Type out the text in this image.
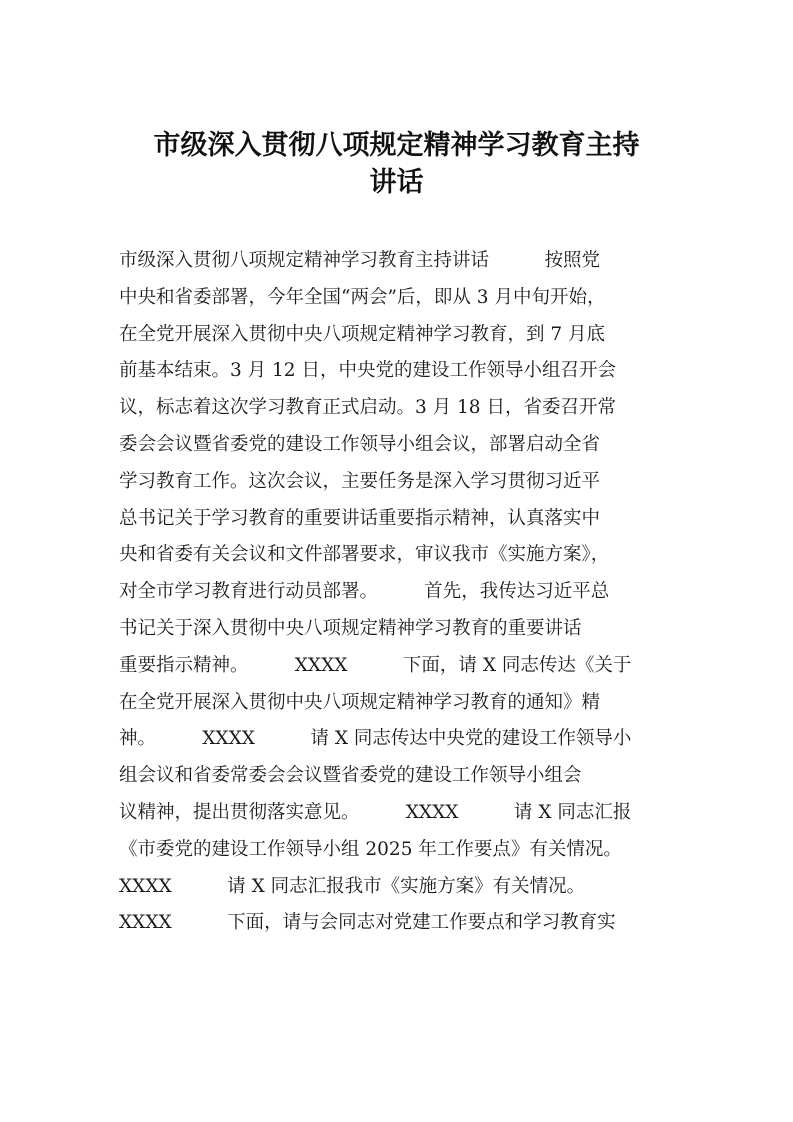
市级深入贯彻八项规定精神学习教育主持
讲话
市级深入贯彻八项规定精神学习教育主持讲话　　　按照党
中央和省委部署，今年全国“两会”后，即从 3 月中旬开始，
在全党开展深入贯彻中央八项规定精神学习教育，到 7 月底
前基本结束。3 月 12 日，中央党的建设工作领导小组召开会
议，标志着这次学习教育正式启动。3 月 18 日，省委召开常
委会会议暨省委党的建设工作领导小组会议，部署启动全省
学习教育工作。这次会议，主要任务是深入学习贯彻习近平
总书记关于学习教育的重要讲话重要指示精神，认真落实中
央和省委有关会议和文件部署要求，审议我市《实施方案》，
对全市学习教育进行动员部署。　　　首先，我传达习近平总
书记关于深入贯彻中央八项规定精神学习教育的重要讲话
重要指示精神。　　　XXXX　　　下面，请 X 同志传达《关于
在全党开展深入贯彻中央八项规定精神学习教育的通知》精
神。　　　XXXX　　　请 X 同志传达中央党的建设工作领导小
组会议和省委常委会会议暨省委党的建设工作领导小组会
议精神，提出贯彻落实意见。　　　XXXX　　　请 X 同志汇报
《市委党的建设工作领导小组 2025 年工作要点》有关情况。
XXXX　　　请 X 同志汇报我市《实施方案》有关情况。
XXXX　　　下面，请与会同志对党建工作要点和学习教育实
